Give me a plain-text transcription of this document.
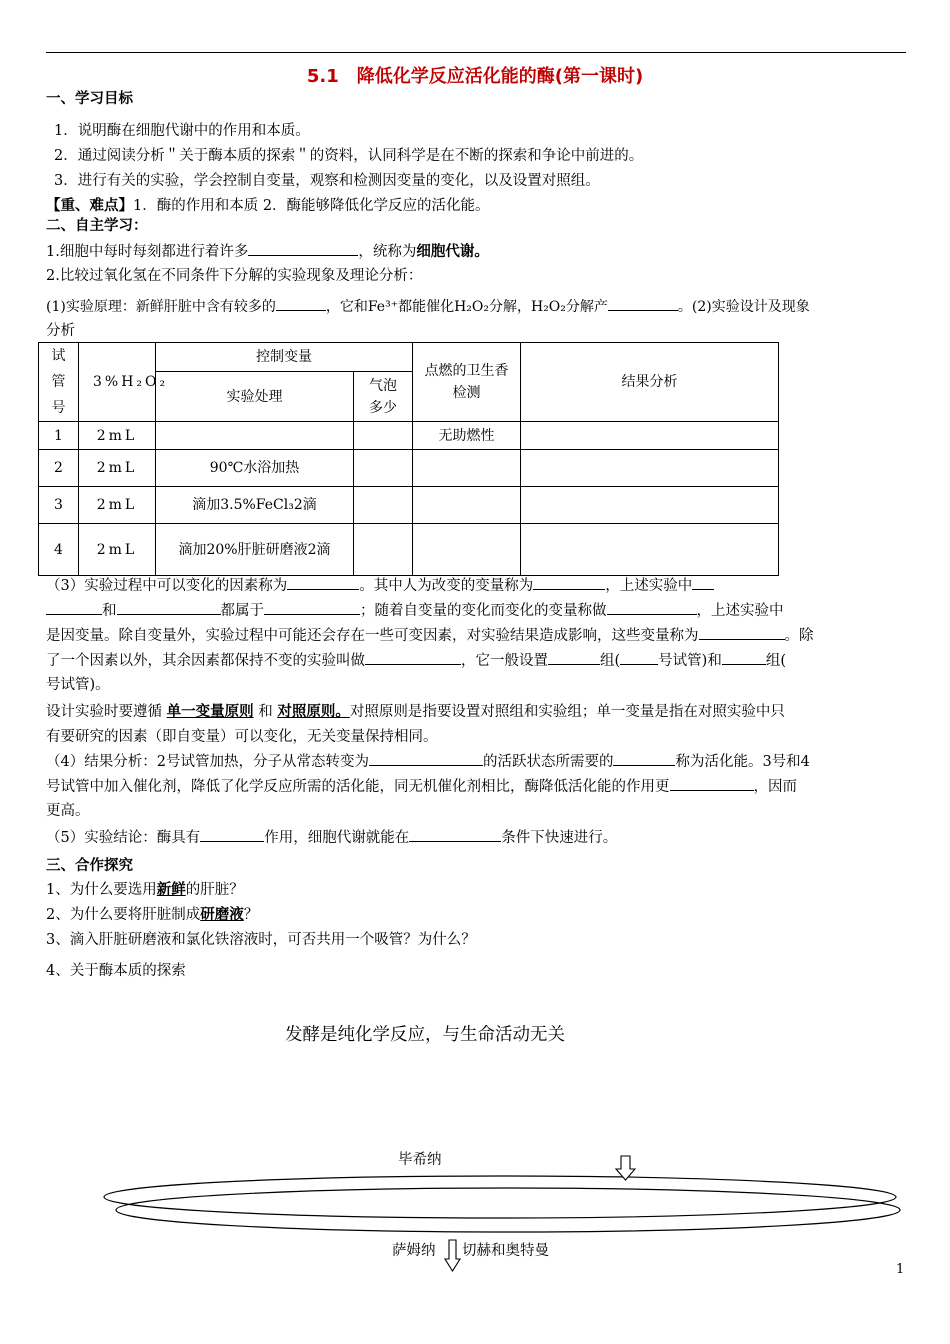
5.1　降低化学反应活化能的酶(第一课时)
一、学习目标
1．说明酶在细胞代谢中的作用和本质。
2．通过阅读分析＂关于酶本质的探索＂的资料，认同科学是在不断的探索和争论中前进的。
3．进行有关的实验，学会控制自变量，观察和检测因变量的变化，以及设置对照组。
【重、难点】1．酶的作用和本质 2．酶能够降低化学反应的活化能。
二、自主学习：
1.细胞中每时每刻都进行着许多	，统称为细胞代谢。
2.比较过氧化氢在不同条件下分解的实验现象及理论分析：
(1)实验原理：新鲜肝脏中含有较多的	，它和Fe³⁺都能催化H₂O₂分解，H₂O₂分解产	。(2)实验设计及现象
分析
试管号	3%H₂O₂	控制变量		点燃的卫生香检测	结果分析
		实验处理	气泡多少		
1	2mL			无助燃性	
2	2mL	90℃水浴加热			
3	2mL	滴加3.5%FeCl₃2滴			
4	2mL	滴加20%肝脏研磨液2滴			
（3）实验过程中可以变化的因素称为	。其中人为改变的变量称为	，上述实验中
和	都属于	；随着自变量的变化而变化的变量称做	，上述实验中
是因变量。除自变量外，实验过程中可能还会存在一些可变因素，对实验结果造成影响，这些变量称为	。除
了一个因素以外，其余因素都保持不变的实验叫做	，它一般设置	组(	号试管)和	组(
号试管)。
设计实验时要遵循 单一变量原则 和 对照原则。对照原则是指要设置对照组和实验组；单一变量是指在对照实验中只
有要研究的因素（即自变量）可以变化，无关变量保持相同。
（4）结果分析：2号试管加热，分子从常态转变为	的活跃状态所需要的	称为活化能。3号和4
号试管中加入催化剂，降低了化学反应所需的活化能，同无机催化剂相比，酶降低活化能的作用更	，因而
更高。
（5）实验结论：酶具有	作用，细胞代谢就能在	条件下快速进行。
三、合作探究
1、为什么要选用新鲜的肝脏？
2、为什么要将肝脏制成研磨液？
3、滴入肝脏研磨液和氯化铁溶液时，可否共用一个吸管？为什么？
4、关于酶本质的探索
发酵是纯化学反应，与生命活动无关
毕希纳
萨姆纳	切赫和奥特曼
1
